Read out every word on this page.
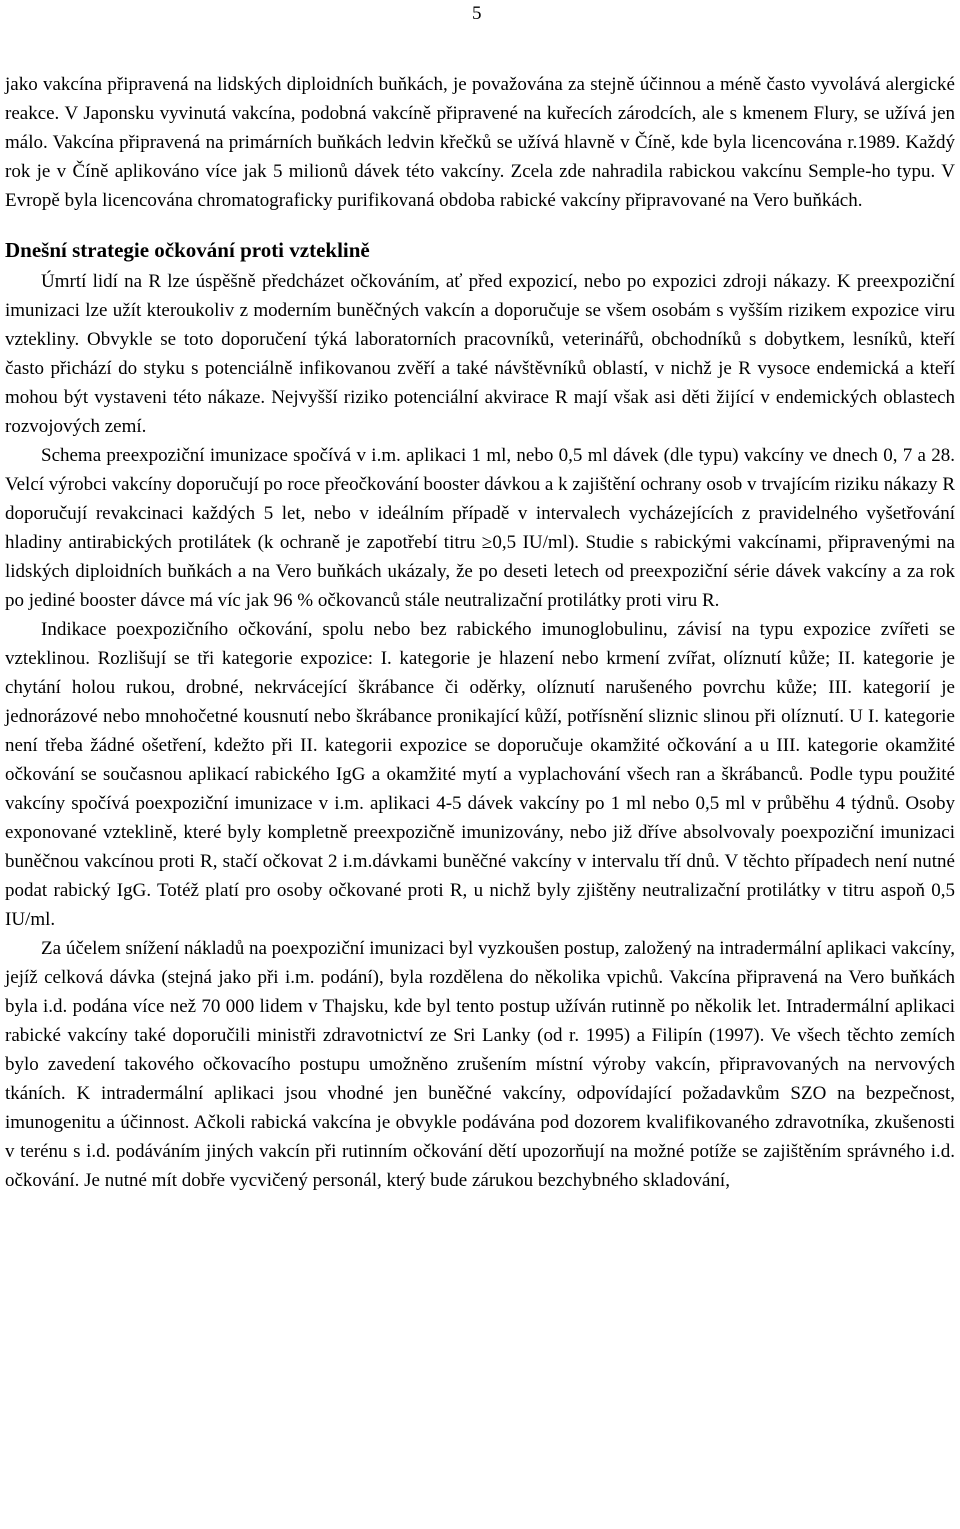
5

jako vakcína připravená na lidských diploidních buňkách, je považována za stejně účinnou a méně často vyvolává alergické reakce. V Japonsku vyvinutá vakcína, podobná vakcíně připravené na kuřecích zárodcích, ale s kmenem Flury, se užívá jen málo. Vakcína připravená na primárních buňkách ledvin křečků se užívá hlavně v Číně, kde byla licencována r.1989. Každý rok je v Číně aplikováno více jak 5 milionů dávek této vakcíny. Zcela zde nahradila rabickou vakcínu Semple-ho typu. V Evropě byla licencována chromatograficky purifikovaná obdoba rabické vakcíny připravované na Vero buňkách.

Dnešní strategie očkování proti vzteklině

Úmrtí lidí na R lze úspěšně předcházet očkováním, ať před expozicí, nebo po expozici zdroji nákazy. K preexpoziční imunizaci lze užít kteroukoliv z moderním buněčných vakcín a doporučuje se všem osobám s vyšším rizikem expozice viru vztekliny. Obvykle se toto doporučení týká laboratorních pracovníků, veterinářů, obchodníků s dobytkem, lesníků, kteří často přichází do styku s potenciálně infikovanou zvěří a také návštěvníků oblastí, v nichž je R vysoce endemická a kteří mohou být vystaveni této nákaze. Nejvyšší riziko potenciální akvirace R mají však asi děti žijící v endemických oblastech rozvojových zemí.

Schema preexpoziční imunizace spočívá v i.m. aplikaci 1 ml, nebo 0,5 ml dávek (dle typu) vakcíny ve dnech 0, 7 a 28. Velcí výrobci vakcíny doporučují po roce přeočkování booster dávkou a k zajištění ochrany osob v trvajícím riziku nákazy R doporučují revakcinaci každých 5 let, nebo v ideálním případě v intervalech vycházejících z pravidelného vyšetřování hladiny antirabických protilátek (k ochraně je zapotřebí titru ≥0,5 IU/ml). Studie s rabickými vakcínami, připravenými na lidských diploidních buňkách a na Vero buňkách ukázaly, že po deseti letech od preexpoziční série dávek vakcíny a za rok po jediné booster dávce má víc jak 96 % očkovanců stále neutralizační protilátky proti viru R.

Indikace poexpozičního očkování, spolu nebo bez rabického imunoglobulinu, závisí na typu expozice zvířeti se vzteklinou. Rozlišují se tři kategorie expozice: I. kategorie je hlazení nebo krmení zvířat, olíznutí kůže; II. kategorie je chytání holou rukou, drobné, nekrvácející škrábance či oděrky, olíznutí narušeného povrchu kůže; III. kategorií je jednorázové nebo mnohočetné kousnutí nebo škrábance pronikající kůží, potřísnění sliznic slinou při olíznutí. U I. kategorie není třeba žádné ošetření, kdežto při II. kategorii expozice se doporučuje okamžité očkování a u III. kategorie okamžité očkování se současnou aplikací rabického IgG a okamžité mytí a vyplachování všech ran a škrábanců. Podle typu použité vakcíny spočívá poexpoziční imunizace v i.m. aplikaci 4-5 dávek vakcíny po 1 ml nebo 0,5 ml v průběhu 4 týdnů. Osoby exponované vzteklině, které byly kompletně preexpozičně imunizovány, nebo již dříve absolvovaly poexpoziční imunizaci buněčnou vakcínou proti R, stačí očkovat 2 i.m.dávkami buněčné vakcíny v intervalu tří dnů. V těchto případech není nutné podat rabický IgG. Totéž platí pro osoby očkované proti R, u nichž byly zjištěny neutralizační protilátky v titru aspoň 0,5 IU/ml.

Za účelem snížení nákladů na poexpoziční imunizaci byl vyzkoušen postup, založený na intradermální aplikaci vakcíny, jejíž celková dávka (stejná jako při i.m. podání), byla rozdělena do několika vpichů. Vakcína připravená na Vero buňkách byla i.d. podána více než 70 000 lidem v Thajsku, kde byl tento postup užíván rutinně po několik let. Intradermální aplikaci rabické vakcíny také doporučili ministři zdravotnictví ze Sri Lanky (od r. 1995) a Filipín (1997). Ve všech těchto zemích bylo zavedení takového očkovacího postupu umožněno zrušením místní výroby vakcín, připravovaných na nervových tkáních. K intradermální aplikaci jsou vhodné jen buněčné vakcíny, odpovídající požadavkům SZO na bezpečnost, imunogenitu a účinnost. Ačkoli rabická vakcína je obvykle podávána pod dozorem kvalifikovaného zdravotníka, zkušenosti v terénu s i.d. podáváním jiných vakcín při rutinním očkování dětí upozorňují na možné potíže se zajištěním správného i.d. očkování. Je nutné mít dobře vycvičený personál, který bude zárukou bezchybného skladování,
